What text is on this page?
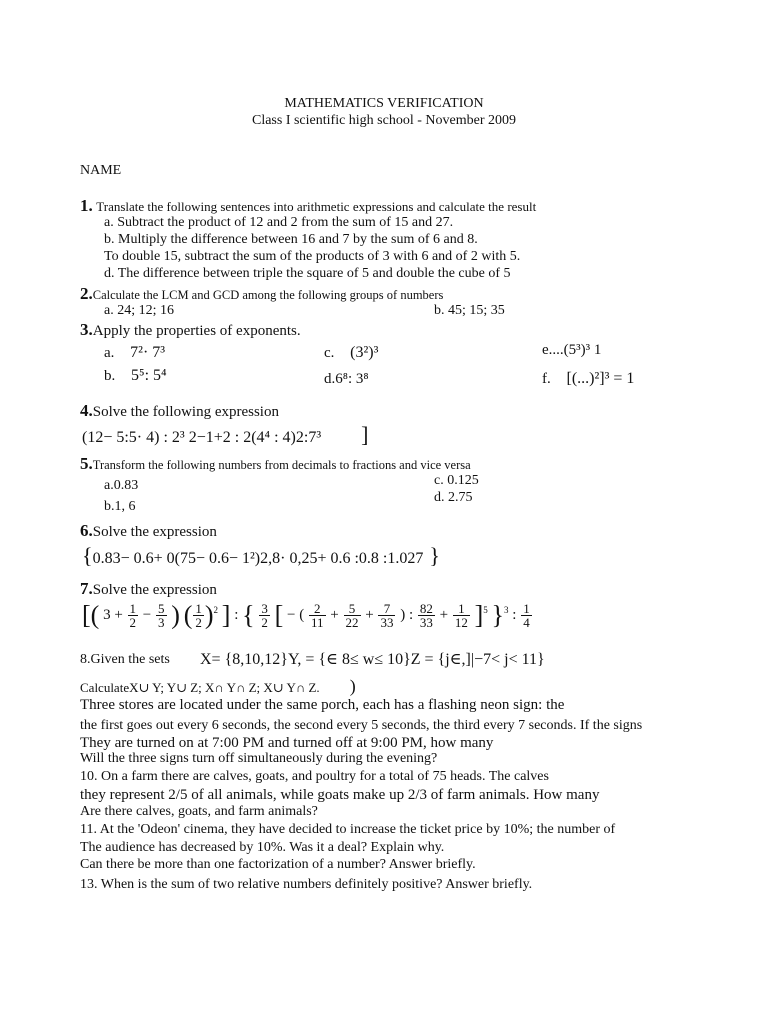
MATHEMATICS VERIFICATION
Class I scientific high school - November 2009
NAME
1. Translate the following sentences into arithmetic expressions and calculate the result
a. Subtract the product of 12 and 2 from the sum of 15 and 27.
b. Multiply the difference between 16 and 7 by the sum of 6 and 8.
To double 15, subtract the sum of the products of 3 with 6 and of 2 with 5.
d. The difference between triple the square of 5 and double the cube of 5
2.Calculate the LCM and GCD among the following groups of numbers
a. 24; 12; 16	b. 45; 15; 35
3.Apply the properties of exponents.
a. 7²· 7³	c. (3²)³	e....(5³)³ 1
b. 5⁵: 5⁴	d.6⁸: 3⁸	f. [(...)²]³ = 1
4.Solve the following expression
(12− 5:5· 4) : 2³ 2−1+2 : 2(4⁴ : 4)2:7³ ]
5.Transform the following numbers from decimals to fractions and vice versa
a.0.83
b.1, 6
c. 0.125
d. 2.75
6.Solve the expression
{0.83− 0.6+ 0(75− 0.6− 1²)2,8· 0,25+ 0.6 :0.8 :1.027 }
7.Solve the expression
[( $3 + \frac{1}{2} - \frac{5}{3}$ ) ( $\frac{1}{2} )^2$ ] : { $\frac{3}{2}$ [ − ( $\frac{2}{11} + \frac{5}{22} + \frac{7}{33}$ ) : $\frac{82}{33} + \frac{1}{12} ]^5$ }$^3$ : $\frac{1}{4}$
8.Given the sets X= {8,10,12}Y, = {∈ 8≤ w≤ 10}Z = {j∈,]|−7< j< 11}
CalculateX∪ Y; Y∪ Z; X∩ Y∩ Z; X∪ Y∩ Z. )
Three stores are located under the same porch, each has a flashing neon sign: the
the first goes out every 6 seconds, the second every 5 seconds, the third every 7 seconds. If the signs
They are turned on at 7:00 PM and turned off at 9:00 PM, how many
Will the three signs turn off simultaneously during the evening?
10. On a farm there are calves, goats, and poultry for a total of 75 heads. The calves
they represent 2/5 of all animals, while goats make up 2/3 of farm animals. How many
Are there calves, goats, and farm animals?
11. At the 'Odeon' cinema, they have decided to increase the ticket price by 10%; the number of
The audience has decreased by 10%. Was it a deal? Explain why.
Can there be more than one factorization of a number? Answer briefly.
13. When is the sum of two relative numbers definitely positive? Answer briefly.
